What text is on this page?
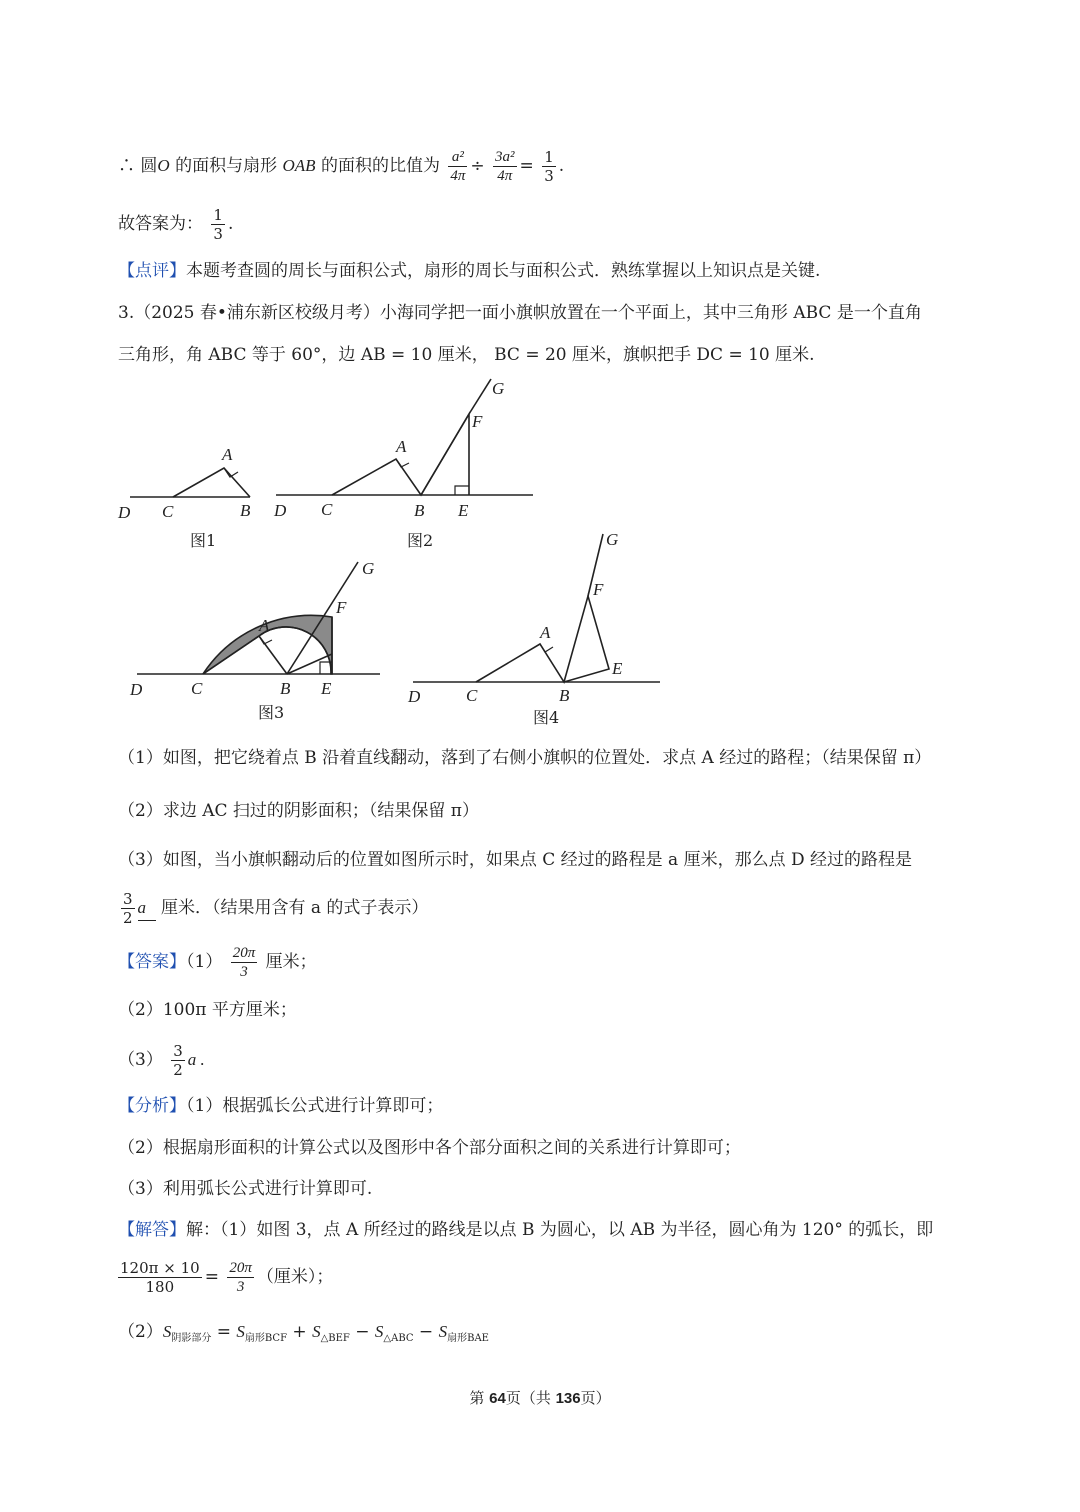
∴ 圆O 的面积与扇形 OAB 的面积的比值为 $\frac{\text{a²}}{4\pi} \div \frac{\text{3a²}}{4\pi} = \frac{1}{3}$ .
故答案为： $\frac{1}{3}$ .
【点评】本题考查圆的周长与面积公式，扇形的周长与面积公式．熟练掌握以上知识点是关键.
3.（2025 春•浦东新区校级月考）小海同学把一面小旗帜放置在一个平面上，其中三角形 ABC 是一个直角
三角形，角 ABC 等于 60°，边 AB = 10 厘米， BC = 20 厘米，旗帜把手 DC = 10 厘米.
D C	B
A
图1
D C	B E
A
F
G
图2
D	C	B E
A
F
G
图3
D	C	B
E
A
F
G
图4
（1）如图，把它绕着点 B 沿着直线翻动，落到了右侧小旗帜的位置处．求点 A 经过的路程；（结果保留 π）
（2）求边 AC 扫过的阴影面积；（结果保留 π）
（3）如图，当小旗帜翻动后的位置如图所示时，如果点 C 经过的路程是 a 厘米，那么点 D 经过的路程是
$\frac{3}{2}$ a 厘米．（结果用含有 a 的式子表示）
【答案】$(1) \frac{20\pi}{3}$ 厘米；
（2）100π 平方厘米；
$(3) \frac{3}{2}$ a .
【分析】（1）根据弧长公式进行计算即可；
（2）根据扇形面积的计算公式以及图形中各个部分面积之间的关系进行计算即可；
（3）利用弧长公式进行计算即可.
【解答】解：（1）如图 3，点 A 所经过的路线是以点 B 为圆心，以 AB 为半径，圆心角为 120° 的弧长，即
$\frac{120\pi \times 10}{180} = \frac{20\pi}{3}$ （厘米）；
$(2)S_{阴影部分} = S_{扇形BCF} + S_{\triangle BEF} - S_{\triangle ABC} - S_{扇形BAE}$
第 64页（共 136页）
